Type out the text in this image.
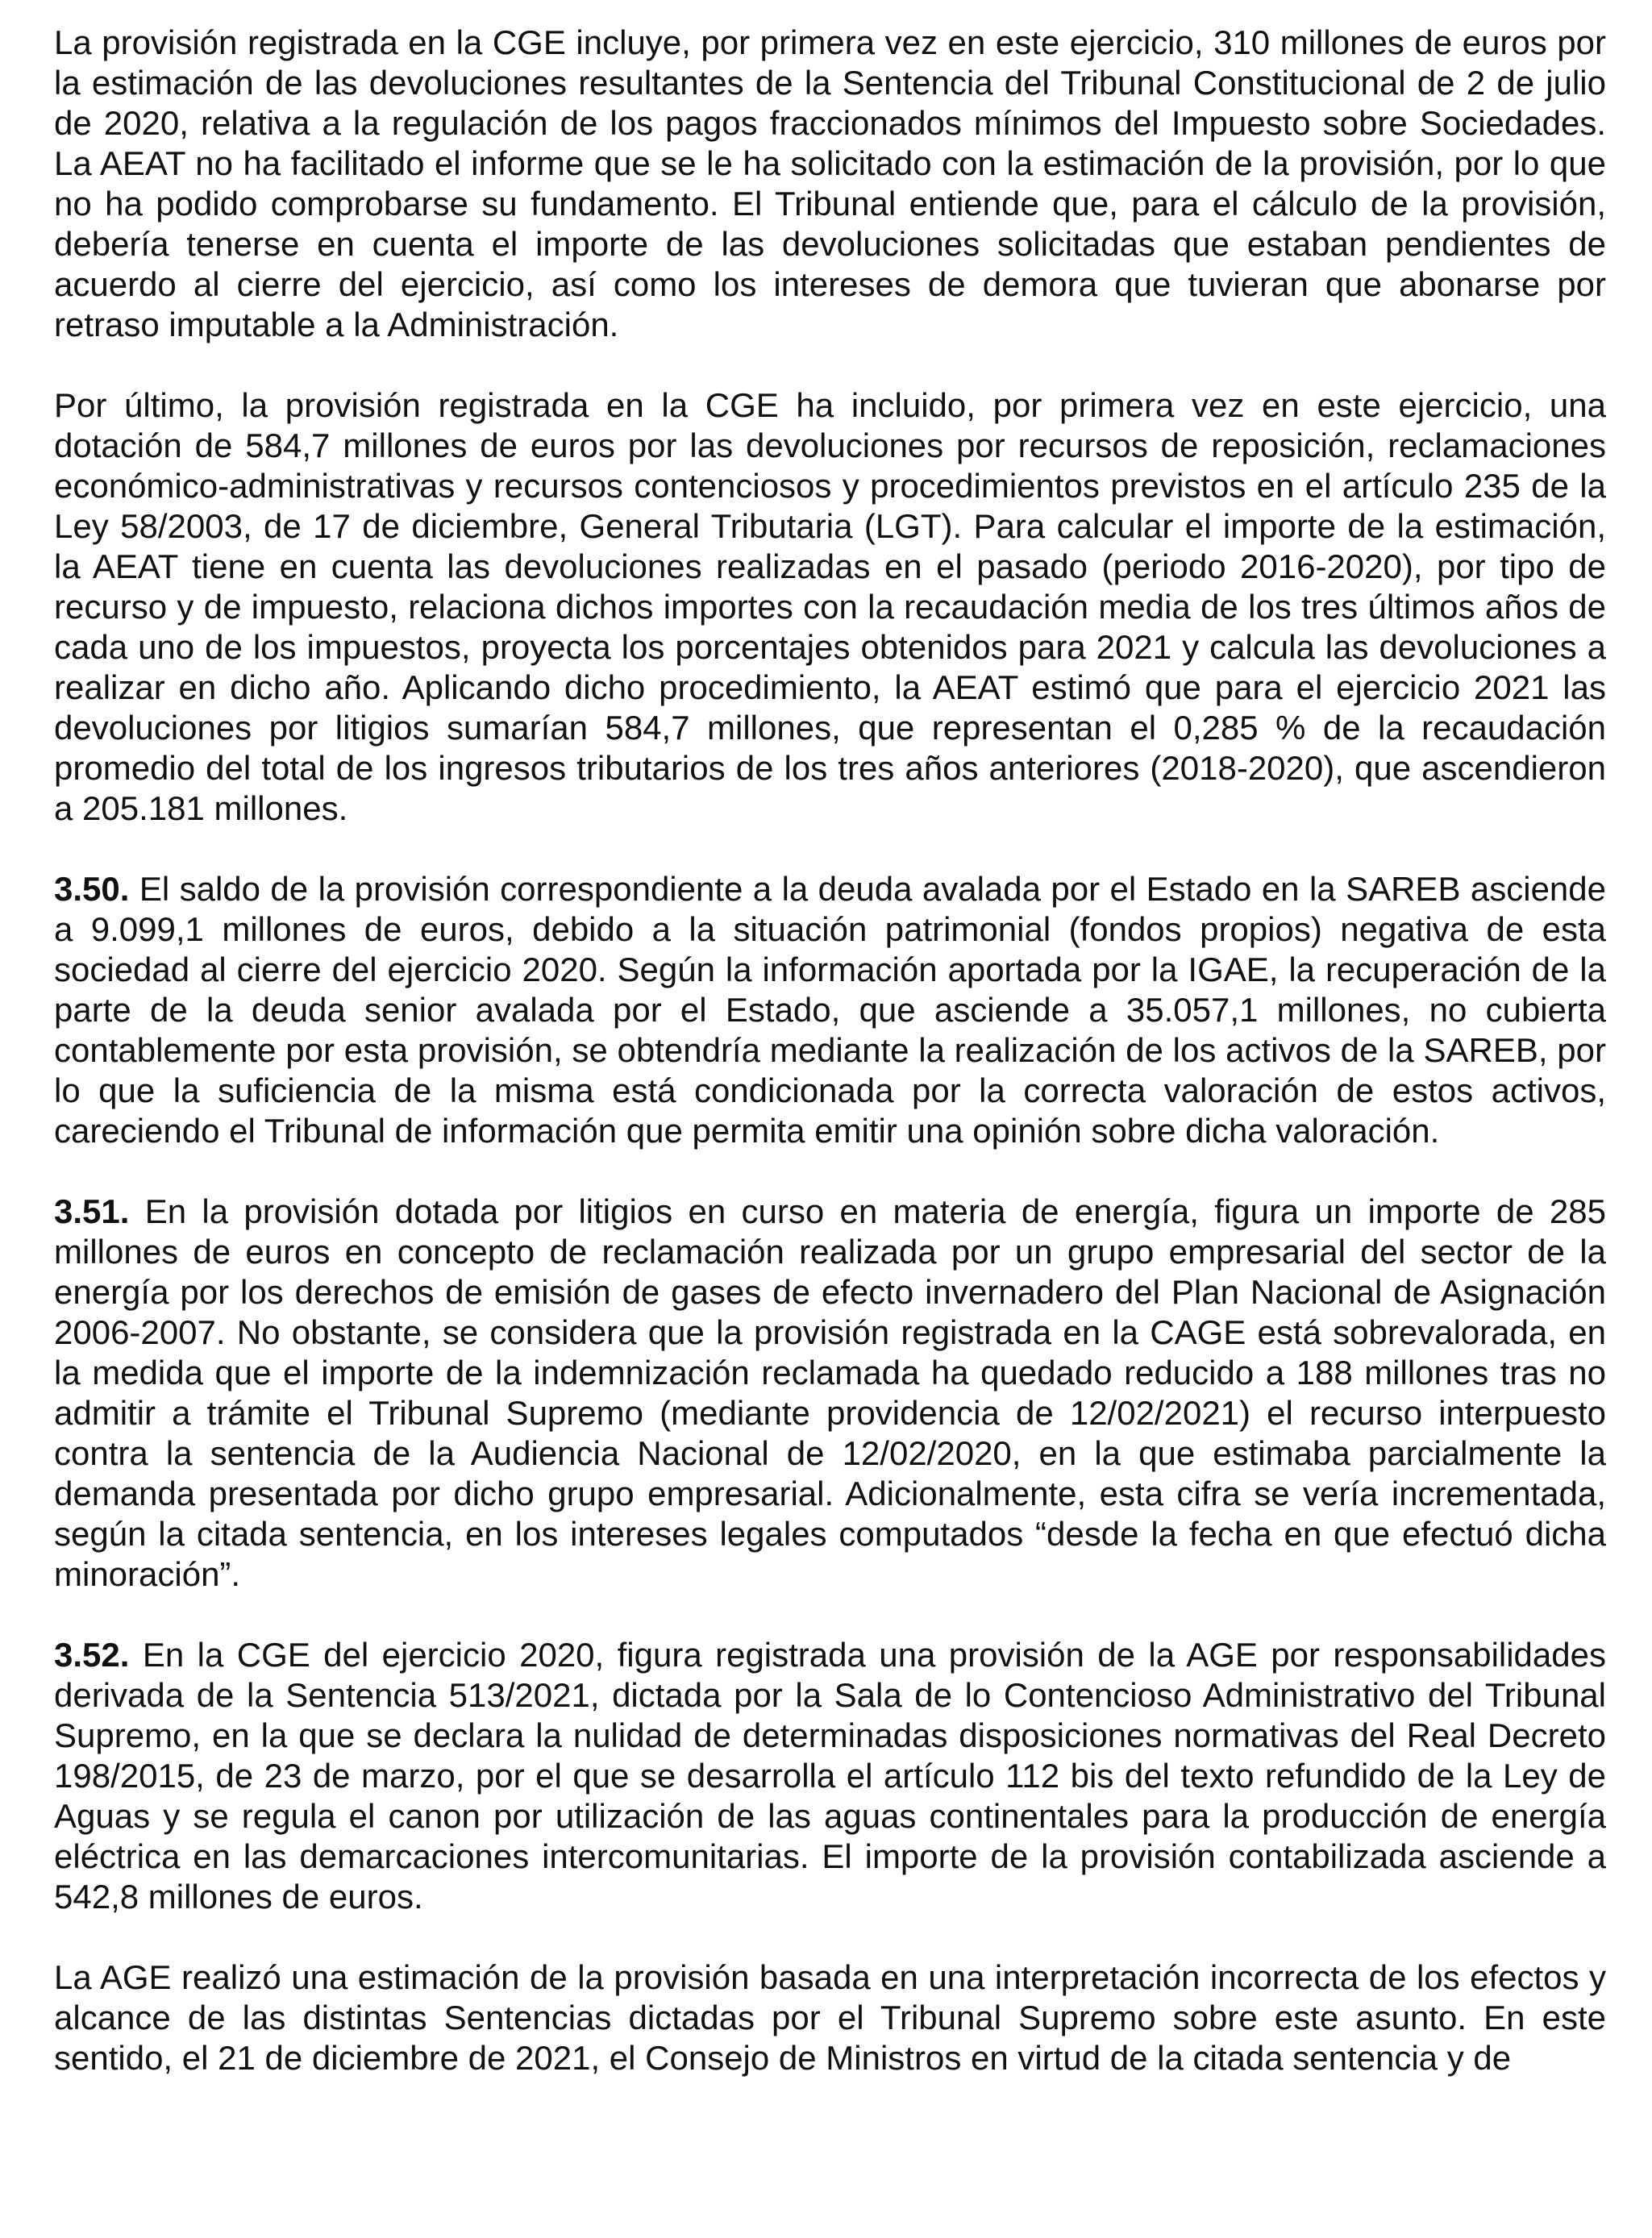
La provisión registrada en la CGE incluye, por primera vez en este ejercicio, 310 millones de euros por la estimación de las devoluciones resultantes de la Sentencia del Tribunal Constitucional de 2 de julio de 2020, relativa a la regulación de los pagos fraccionados mínimos del Impuesto sobre Sociedades. La AEAT no ha facilitado el informe que se le ha solicitado con la estimación de la provisión, por lo que no ha podido comprobarse su fundamento. El Tribunal entiende que, para el cálculo de la provisión, debería tenerse en cuenta el importe de las devoluciones solicitadas que estaban pendientes de acuerdo al cierre del ejercicio, así como los intereses de demora que tuvieran que abonarse por retraso imputable a la Administración.

Por último, la provisión registrada en la CGE ha incluido, por primera vez en este ejercicio, una dotación de 584,7 millones de euros por las devoluciones por recursos de reposición, reclamaciones económico-administrativas y recursos contenciosos y procedimientos previstos en el artículo 235 de la Ley 58/2003, de 17 de diciembre, General Tributaria (LGT). Para calcular el importe de la estimación, la AEAT tiene en cuenta las devoluciones realizadas en el pasado (periodo 2016-2020), por tipo de recurso y de impuesto, relaciona dichos importes con la recaudación media de los tres últimos años de cada uno de los impuestos, proyecta los porcentajes obtenidos para 2021 y calcula las devoluciones a realizar en dicho año. Aplicando dicho procedimiento, la AEAT estimó que para el ejercicio 2021 las devoluciones por litigios sumarían 584,7 millones, que representan el 0,285 % de la recaudación promedio del total de los ingresos tributarios de los tres años anteriores (2018-2020), que ascendieron a 205.181 millones.

3.50. El saldo de la provisión correspondiente a la deuda avalada por el Estado en la SAREB asciende a 9.099,1 millones de euros, debido a la situación patrimonial (fondos propios) negativa de esta sociedad al cierre del ejercicio 2020. Según la información aportada por la IGAE, la recuperación de la parte de la deuda senior avalada por el Estado, que asciende a 35.057,1 millones, no cubierta contablemente por esta provisión, se obtendría mediante la realización de los activos de la SAREB, por lo que la suficiencia de la misma está condicionada por la correcta valoración de estos activos, careciendo el Tribunal de información que permita emitir una opinión sobre dicha valoración.

3.51. En la provisión dotada por litigios en curso en materia de energía, figura un importe de 285 millones de euros en concepto de reclamación realizada por un grupo empresarial del sector de la energía por los derechos de emisión de gases de efecto invernadero del Plan Nacional de Asignación 2006-2007. No obstante, se considera que la provisión registrada en la CAGE está sobrevalorada, en la medida que el importe de la indemnización reclamada ha quedado reducido a 188 millones tras no admitir a trámite el Tribunal Supremo (mediante providencia de 12/02/2021) el recurso interpuesto contra la sentencia de la Audiencia Nacional de 12/02/2020, en la que estimaba parcialmente la demanda presentada por dicho grupo empresarial. Adicionalmente, esta cifra se vería incrementada, según la citada sentencia, en los intereses legales computados “desde la fecha en que efectuó dicha minoración”.

3.52. En la CGE del ejercicio 2020, figura registrada una provisión de la AGE por responsabilidades derivada de la Sentencia 513/2021, dictada por la Sala de lo Contencioso Administrativo del Tribunal Supremo, en la que se declara la nulidad de determinadas disposiciones normativas del Real Decreto 198/2015, de 23 de marzo, por el que se desarrolla el artículo 112 bis del texto refundido de la Ley de Aguas y se regula el canon por utilización de las aguas continentales para la producción de energía eléctrica en las demarcaciones intercomunitarias. El importe de la provisión contabilizada asciende a 542,8 millones de euros.

La AGE realizó una estimación de la provisión basada en una interpretación incorrecta de los efectos y alcance de las distintas Sentencias dictadas por el Tribunal Supremo sobre este asunto. En este sentido, el 21 de diciembre de 2021, el Consejo de Ministros en virtud de la citada sentencia y de
